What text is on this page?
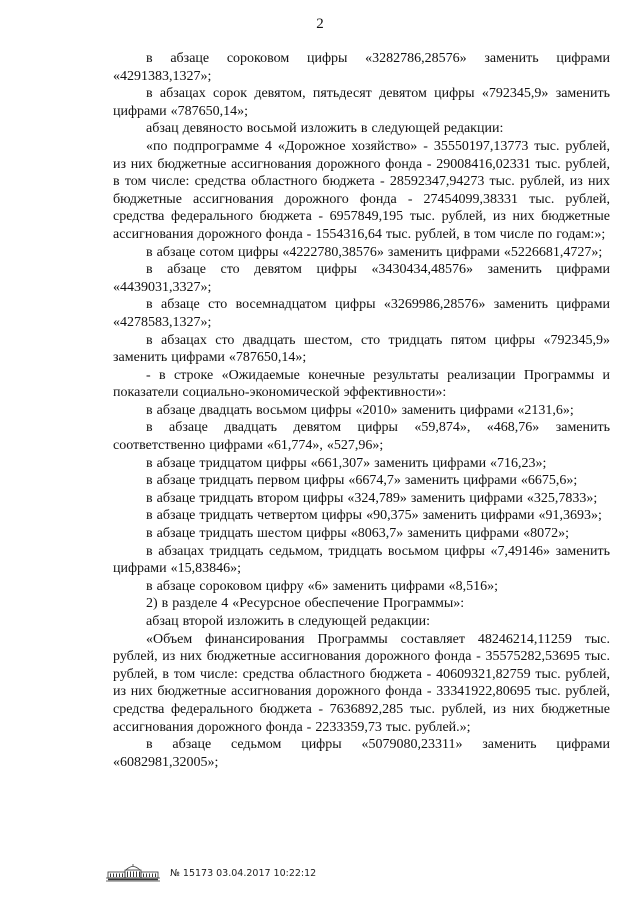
2

в абзаце сороковом цифры «3282786,28576» заменить цифрами «4291383,1327»;

в абзацах сорок девятом, пятьдесят девятом цифры «792345,9» заменить цифрами «787650,14»;

абзац девяносто восьмой изложить в следующей редакции:

«по подпрограмме 4 «Дорожное хозяйство» - 35550197,13773 тыс. рублей, из них бюджетные ассигнования дорожного фонда - 29008416,02331 тыс. рублей, в том числе: средства областного бюджета - 28592347,94273 тыс. рублей, из них бюджетные ассигнования дорожного фонда - 27454099,38331 тыс. рублей, средства федерального бюджета - 6957849,195 тыс. рублей, из них бюджетные ассигнования дорожного фонда - 1554316,64 тыс. рублей, в том числе по годам:»;

в абзаце сотом цифры «4222780,38576» заменить цифрами «5226681,4727»;

в абзаце сто девятом цифры «3430434,48576» заменить цифрами «4439031,3327»;

в абзаце сто восемнадцатом цифры «3269986,28576» заменить цифрами «4278583,1327»;

в абзацах сто двадцать шестом, сто тридцать пятом цифры «792345,9» заменить цифрами «787650,14»;

- в строке «Ожидаемые конечные результаты реализации Программы и показатели социально-экономической эффективности»:

в абзаце двадцать восьмом цифры «2010» заменить цифрами «2131,6»;

в абзаце двадцать девятом цифры «59,874», «468,76» заменить соответственно цифрами «61,774», «527,96»;

в абзаце тридцатом цифры «661,307» заменить цифрами «716,23»;

в абзаце тридцать первом цифры «6674,7» заменить цифрами «6675,6»;

в абзаце тридцать втором цифры «324,789» заменить цифрами «325,7833»;

в абзаце тридцать четвертом цифры «90,375» заменить цифрами «91,3693»;

в абзаце тридцать шестом цифры «8063,7» заменить цифрами «8072»;

в абзацах тридцать седьмом, тридцать восьмом цифры «7,49146» заменить цифрами «15,83846»;

в абзаце сороковом цифру «6» заменить цифрами «8,516»;

2) в разделе 4 «Ресурсное обеспечение Программы»:

абзац второй изложить в следующей редакции:

«Объем финансирования Программы составляет 48246214,11259 тыс. рублей, из них бюджетные ассигнования дорожного фонда - 35575282,53695 тыс. рублей, в том числе: средства областного бюджета - 40609321,82759 тыс. рублей, из них бюджетные ассигнования дорожного фонда - 33341922,80695 тыс. рублей, средства федерального бюджета - 7636892,285 тыс. рублей, из них бюджетные ассигнования дорожного фонда - 2233359,73 тыс. рублей.»;

в абзаце седьмом цифры «5079080,23311» заменить цифрами «6082981,32005»;

№ 15173 03.04.2017 10:22:12
